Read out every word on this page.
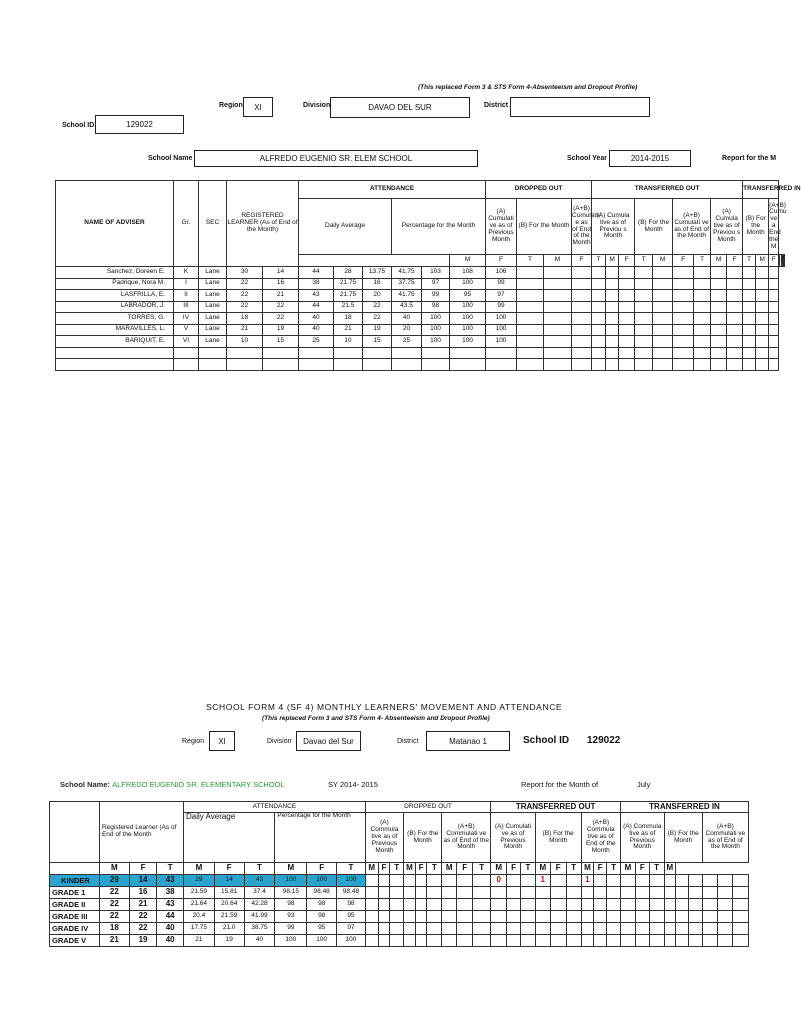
(This replaced Form 3 & STS Form 4-Absenteeism and Dropout Profile)
Region XI	Division	DAVAO DEL SUR	District
School ID	129022
School Name	ALFREDO EUGENIO SR. ELEM SCHOOL	School Year	2014-2015	Report for the M
NAME OF ADVISER	Gr.	SEC	REGISTERED LEARNER (As of End of the Month)		ATTENDANCE						DROPPED OUT				TRANSFERRED OUT									TRANSFERRED IN					
					Daily Average			Percentage for the Month			(A) Cumulati ve as of Previous Month	(B) For the Month		(A+B) Cumulativ e as of End of the Month	(A) Cumula tive as of Previou s Month			(B) For the Month		(A+B) Cumulati ve as of End of the Month		(A) Cumula tive as of Previou s Month		(B) For the Month		(A+B) Cumu ve a End the M			
										M	F	T	M	F	T	M	F	T	M	F	T	M	F	T	M	F					
Sanchez, Doreen E.	K	Lane	30	14	44	28	13.75	41.75	103	108	106																		
Padrique, Nora M.	I	Lane	22	16	38	21.75	16	37.75	97	100	99																		
LASFRILLA, E.	II	Lane	22	21	43	21.75	20	41.75	99	95	97																		
LABRADOR, J.	III	Lane	22	22	44	21.5	22	43.5	98	100	99																		
TORRES, G.	IV	Lane	18	22	40	18	22	40	100	100	100																		
MARAVILLES, L.	V	Lane	21	19	40	21	19	20	100	100	100																		
BARIQUIT, E.	VI	Lane	10	15	25	10	15	25	100	100	100																		

SCHOOL FORM 4 (SF 4) MONTHLY LEARNERS' MOVEMENT AND ATTENDANCE
(This replaced Form 3 and STS Form 4- Absenteeism and Dropout Profile)
Region XI	Division Davao del Sur	District	Matanao 1	School ID 129022
School Name: ALFREDO EUGENIO SR. ELEMENTARY SCHOOL	SY 2014- 2015	Report for the Month of	July
	Registered Learner (As of End of the Month			ATTENDANCE						DROPPED OUT									TRANSFERRED OUT									TRANSFERRED IN								
				Daily Average			Percentage for the Month			(A) Commula tive as of Previous Month			(B) For the Month			(A+B) Commulati ve as of End of the Month			(A) Cumulati ve as of Previous Month			(B) For the Month			(A+B) Commula tive as of End of the Month			(A) Commula tive as of Previous Month			(B) For the Month			(A+B) Commulati ve as of End of the Month		
	M	F	T	M	F	T	M	F	T	M	F	T	M	F	T	M	F	T	M	F	T	M	F	T	M	F	T	M	F	T	M					
KINDER	29	14	43	29	14	43	100	100	100										0			1			1											
GRADE 1	22	16	38	21.59	15.81	37.4	98.15	98.48	98.48																											
GRADE II	22	21	43	21.64	20.64	42.28	98	98	98																											
GRADE III	22	22	44	20.4	21.59	41.99	93	98	95																											
GRADE IV	18	22	40	17.75	21.0	38.75	99	95	97																											
GRADE V	21	19	40	21	19	40	100	100	100																											
